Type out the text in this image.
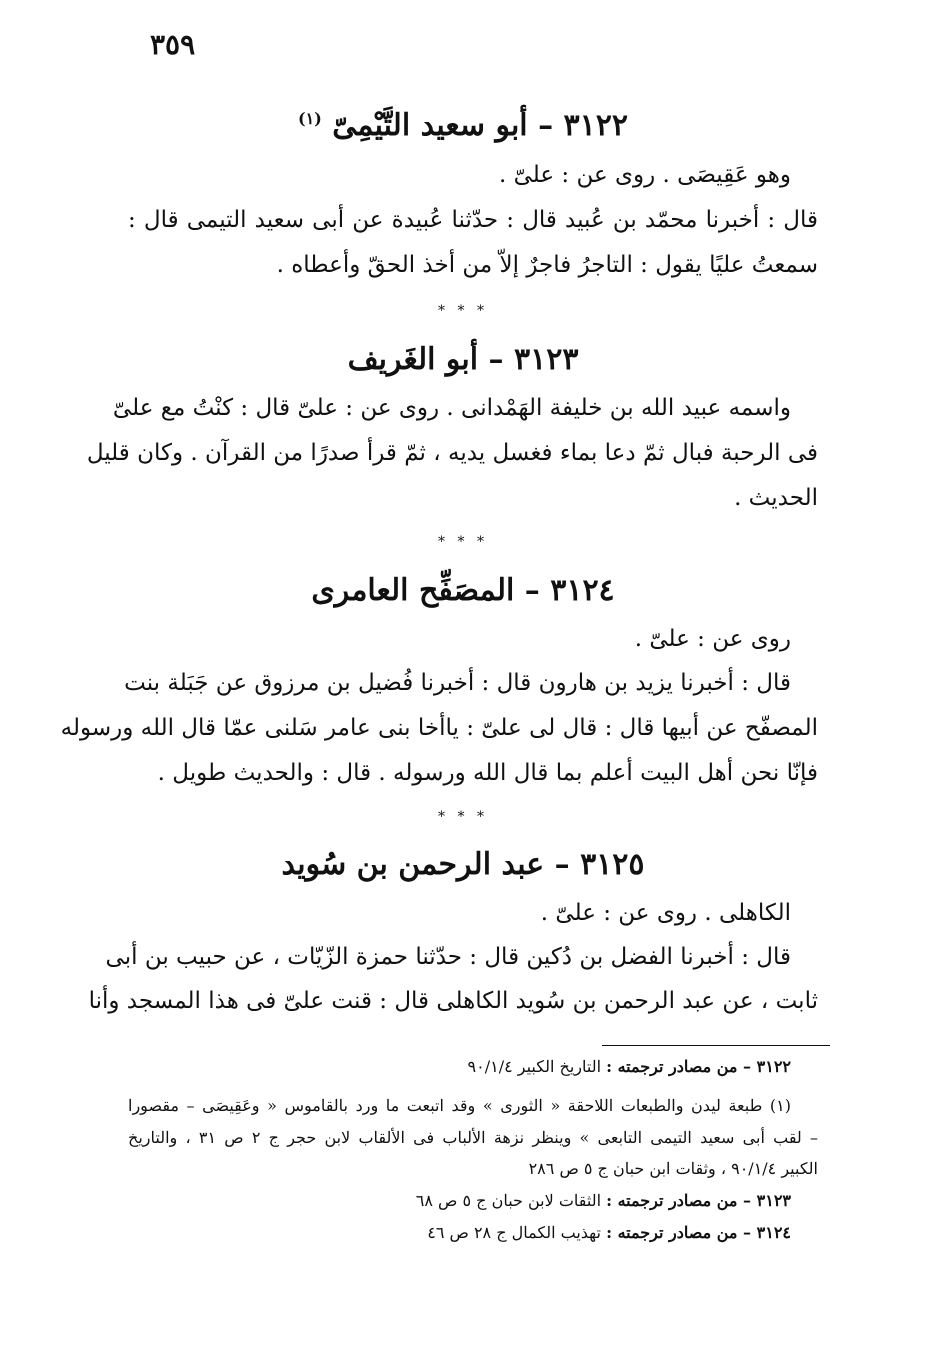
٣٥٩
٣١٢٢ – أبو سعيد التَّيْمِىّ $^{(١)}$
وهو عَقِيصَى . روى عن : علىّ .
قال : أخبرنا محمّد بن عُبيد قال : حدّثنا عُبيدة عن أبى سعيد التيمى قال :
سمعتُ عليًا يقول : التاجرُ فاجرٌ إلاّ من أخذ الحقّ وأعطاه .
* * *
٣١٢٣ – أبو الغَريف
واسمه عبيد الله بن خليفة الهَمْدانى . روى عن : علىّ قال : كنْتُ مع علىّ
فى الرحبة فبال ثمّ دعا بماء فغسل يديه ، ثمّ قرأ صدرًا من القرآن . وكان قليل
الحديث .
* * *
٣١٢٤ – المصَفِّح العامرى
روى عن : علىّ .
قال : أخبرنا يزيد بن هارون قال : أخبرنا فُضيل بن مرزوق عن جَبَلة بنت
المصفّح عن أبيها قال : قال لى علىّ : ياأخا بنى عامر سَلنى عمّا قال الله ورسوله
فإنّا نحن أهل البيت أعلم بما قال الله ورسوله . قال : والحديث طويل .
* * *
٣١٢٥ – عبد الرحمن بن سُويد
الكاهلى . روى عن : علىّ .
قال : أخبرنا الفضل بن دُكين قال : حدّثنا حمزة الزّيّات ، عن حبيب بن أبى
ثابت ، عن عبد الرحمن بن سُويد الكاهلى قال : قنت علىّ فى هذا المسجد وأنا
٣١٢٢ – من مصادر ترجمته : التاريخ الكبير ٩٠/١/٤
(١) طبعة ليدن والطبعات اللاحقة « الثورى » وقد اتبعت ما ورد بالقاموس « وعَقِيصَى – مقصورا
– لقب أبى سعيد التيمى التابعى » وينظر نزهة الألباب فى الألقاب لابن حجر ج ٢ ص ٣١ ، والتاريخ
الكبير ٩٠/١/٤ ، وثقات ابن حبان ج ٥ ص ٢٨٦
٣١٢٣ – من مصادر ترجمته : الثقات لابن حبان ج ٥ ص ٦٨
٣١٢٤ – من مصادر ترجمته : تهذيب الكمال ج ٢٨ ص ٤٦
